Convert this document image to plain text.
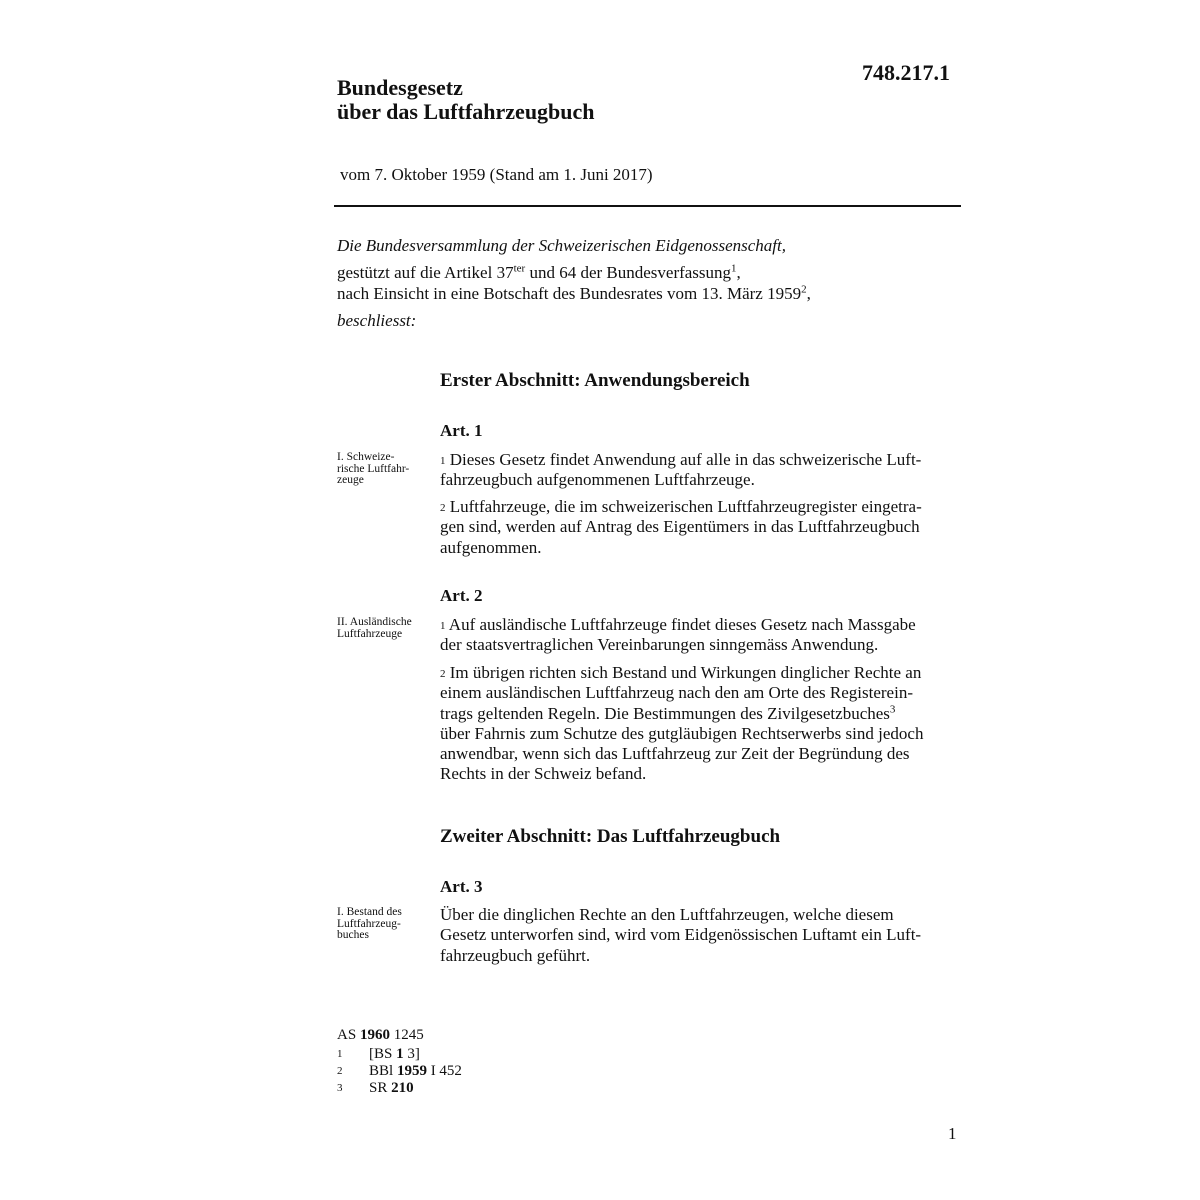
748.217.1
Bundesgesetz
über das Luftfahrzeugbuch
vom 7. Oktober 1959 (Stand am 1. Juni 2017)
Die Bundesversammlung der Schweizerischen Eidgenossenschaft,
gestützt auf die Artikel $37^{ter}$ und 64 der Bundesverfassung$^1$,
nach Einsicht in eine Botschaft des Bundesrates vom 13. März 1959$^2$,
beschliesst:
Erster Abschnitt: Anwendungsbereich
Art. 1
I. Schweize-
rische Luftfahr-
zeuge
$^1$ Dieses Gesetz findet Anwendung auf alle in das schweizerische Luft-
fahrzeugbuch aufgenommenen Luftfahrzeuge.
$^2$ Luftfahrzeuge, die im schweizerischen Luftfahrzeugregister eingetra-
gen sind, werden auf Antrag des Eigentümers in das Luftfahrzeugbuch
aufgenommen.
Art. 2
II. Ausländische
Luftfahrzeuge
$^1$ Auf ausländische Luftfahrzeuge findet dieses Gesetz nach Massgabe
der staatsvertraglichen Vereinbarungen sinngemäss Anwendung.
$^2$ Im übrigen richten sich Bestand und Wirkungen dinglicher Rechte an
einem ausländischen Luftfahrzeug nach den am Orte des Registerein-
trags geltenden Regeln. Die Bestimmungen des Zivilgesetzbuches$^3$
über Fahrnis zum Schutze des gutgläubigen Rechtserwerbs sind jedoch
anwendbar, wenn sich das Luftfahrzeug zur Zeit der Begründung des
Rechts in der Schweiz befand.
Zweiter Abschnitt: Das Luftfahrzeugbuch
Art. 3
I. Bestand des
Luftfahrzeug-
buches
Über die dinglichen Rechte an den Luftfahrzeugen, welche diesem
Gesetz unterworfen sind, wird vom Eidgenössischen Luftamt ein Luft-
fahrzeugbuch geführt.
AS 1960 1245
1 [BS 1 3]
2 BBl 1959 I 452
3 SR 210
1
